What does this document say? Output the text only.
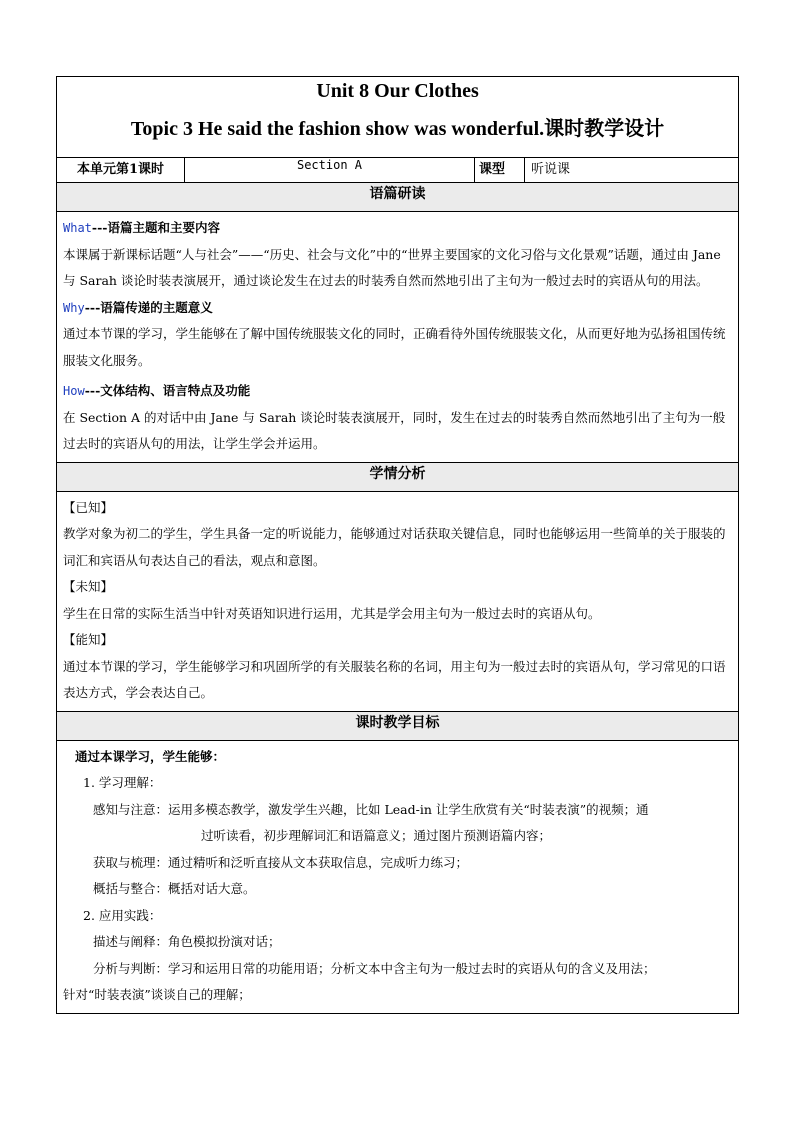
Unit 8 Our Clothes
Topic 3 He said the fashion show was wonderful.课时教学设计

本单元第1课时	Section A	课型	听说课
语篇研读

What---语篇主题和主要内容

本课属于新课标话题“人与社会”——“历史、社会与文化”中的“世界主要国家的文化习俗与文化景观”话题，通过由 Jane 与 Sarah 谈论时装表演展开，通过谈论发生在过去的时装秀自然而然地引出了主句为一般过去时的宾语从句的用法。

Why---语篇传递的主题意义

通过本节课的学习，学生能够在了解中国传统服装文化的同时，正确看待外国传统服装文化，从而更好地为弘扬祖国传统服装文化服务。

How---文体结构、语言特点及功能

在 Section A 的对话中由 Jane 与 Sarah 谈论时装表演展开，同时，发生在过去的时装秀自然而然地引出了主句为一般过去时的宾语从句的用法，让学生学会并运用。

学情分析

【已知】

教学对象为初二的学生，学生具备一定的听说能力，能够通过对话获取关键信息，同时也能够运用一些简单的关于服装的词汇和宾语从句表达自己的看法，观点和意图。

【未知】

学生在日常的实际生活当中针对英语知识进行运用，尤其是学会用主句为一般过去时的宾语从句。

【能知】

通过本节课的学习，学生能够学习和巩固所学的有关服装名称的名词，用主句为一般过去时的宾语从句，学习常见的口语表达方式，学会表达自己。

课时教学目标

通过本课学习，学生能够：

1. 学习理解：

感知与注意：运用多模态教学，激发学生兴趣，比如 Lead-in 让学生欣赏有关“时装表演”的视频；通

过听读看，初步理解词汇和语篇意义；通过图片预测语篇内容；

获取与梳理：通过精听和泛听直接从文本获取信息，完成听力练习；

概括与整合：概括对话大意。

2. 应用实践：

描述与阐释：角色模拟扮演对话；

分析与判断：学习和运用日常的功能用语；分析文本中含主句为一般过去时的宾语从句的含义及用法；

针对“时装表演”谈谈自己的理解；
